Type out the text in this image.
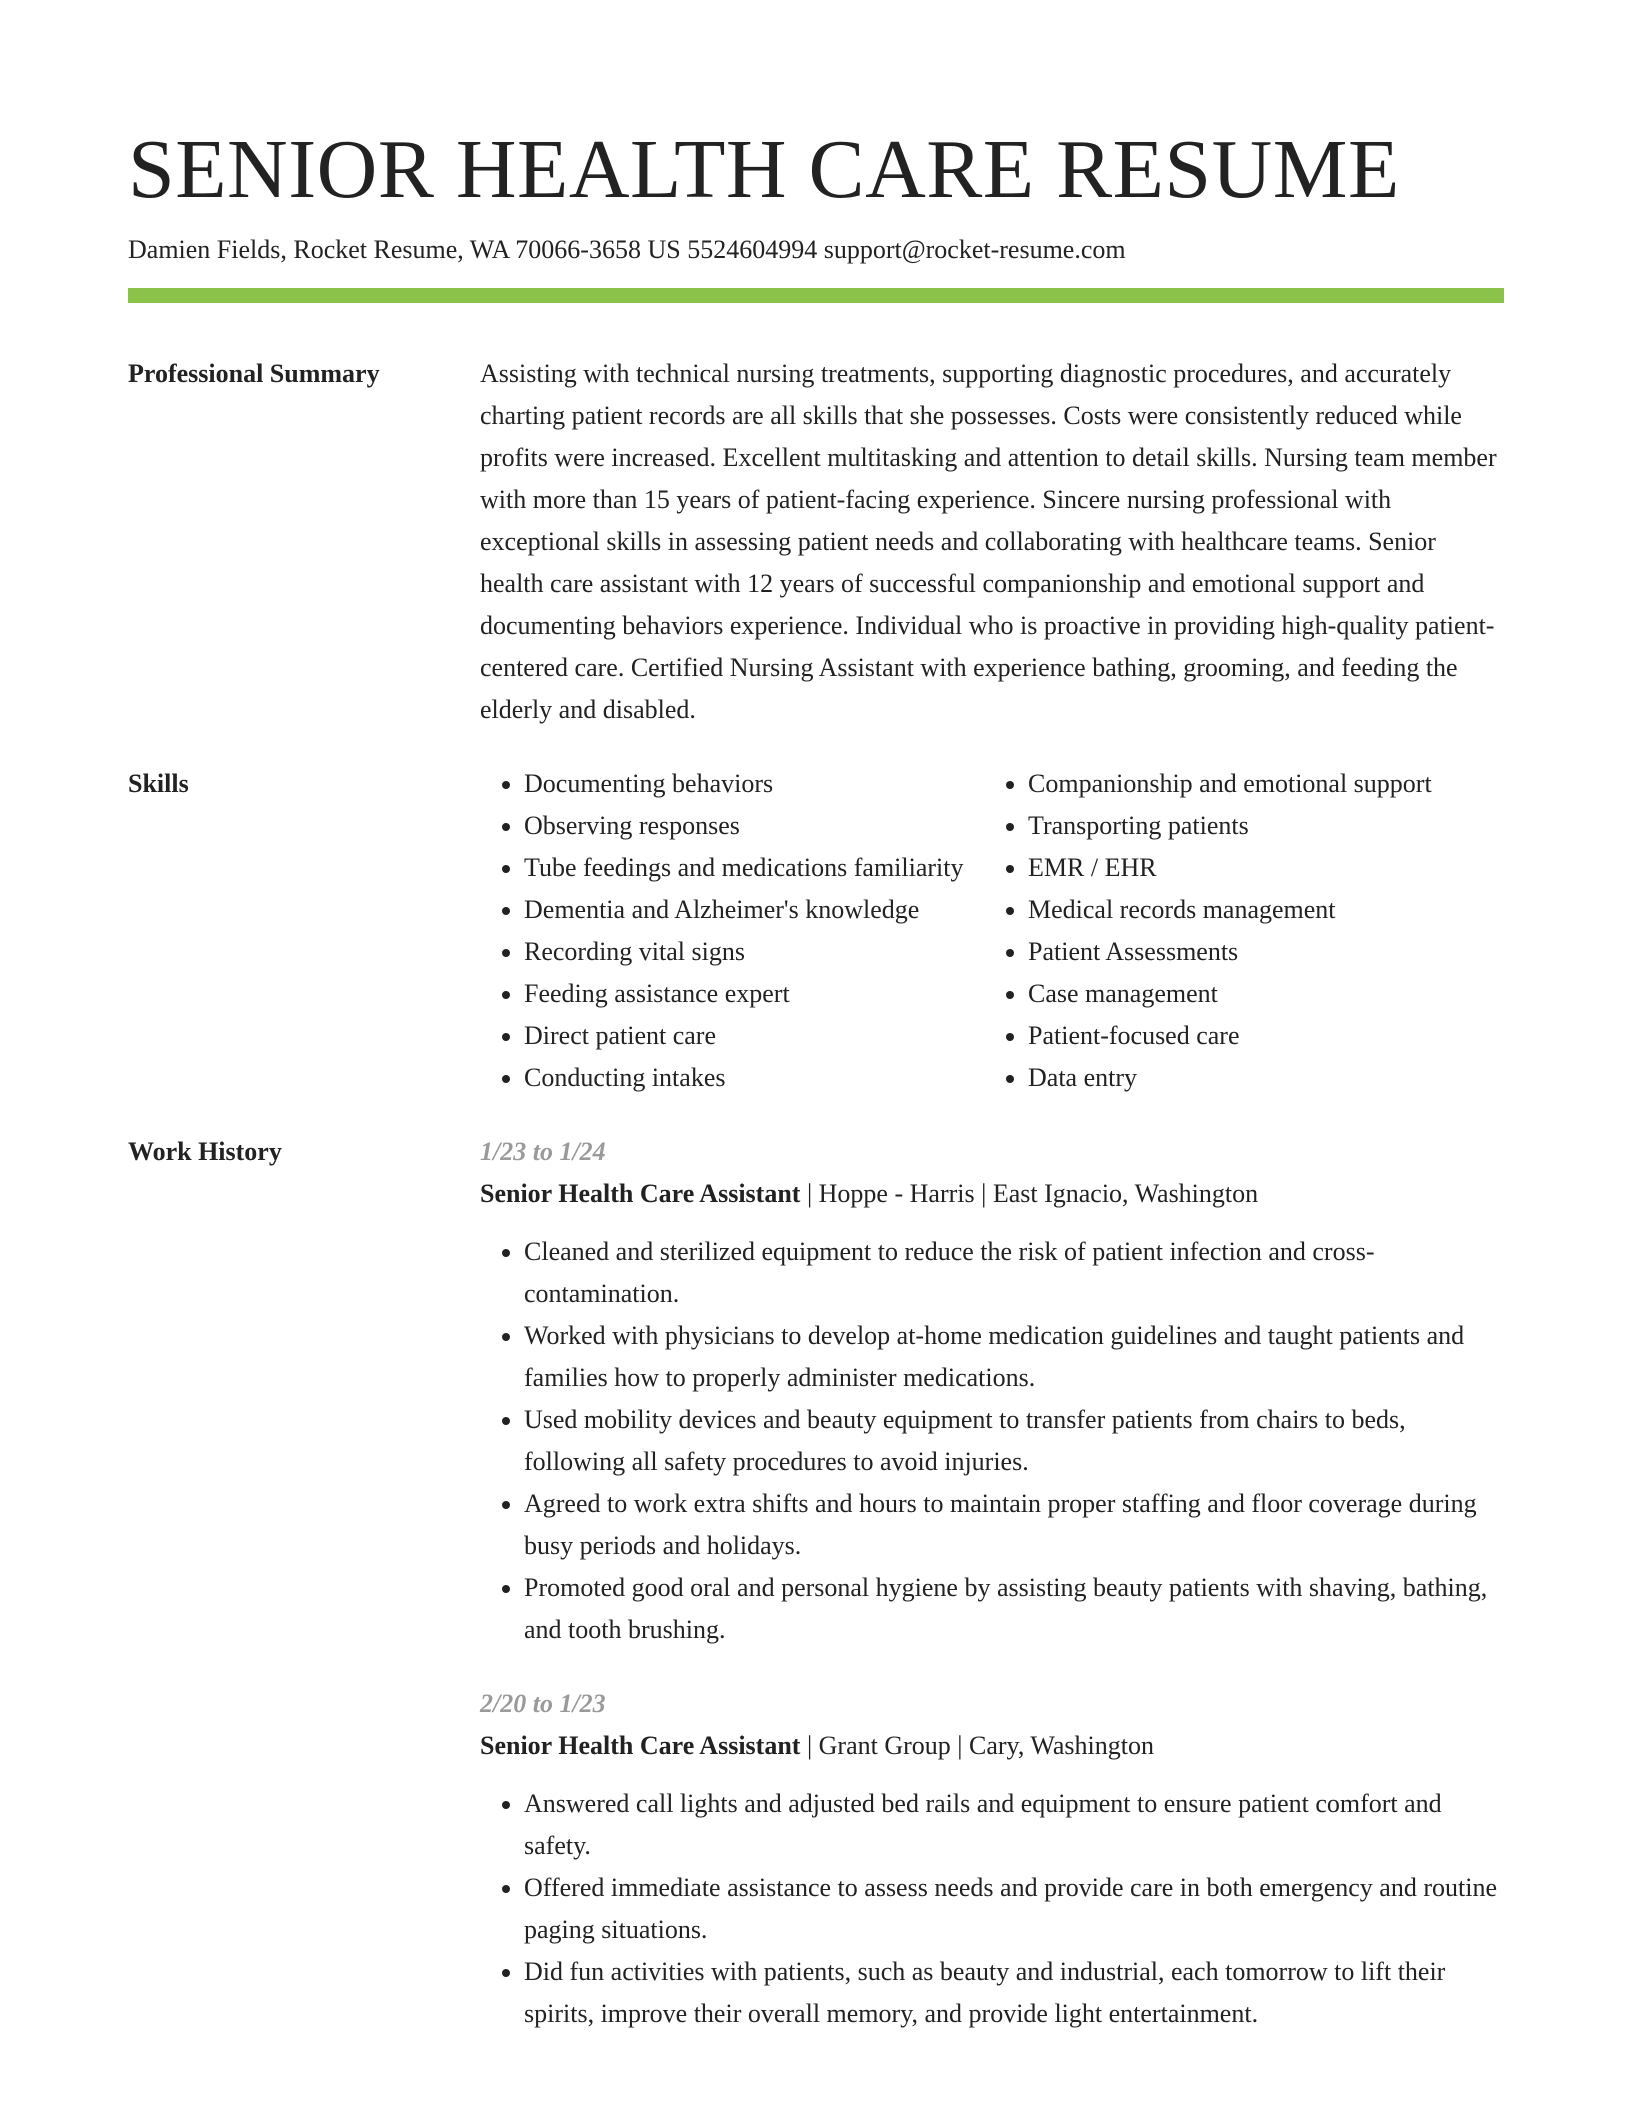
SENIOR HEALTH CARE RESUME
Damien Fields, Rocket Resume, WA 70066-3658 US 5524604994 support@rocket-resume.com
Professional Summary	Assisting with technical nursing treatments, supporting diagnostic procedures, and accurately charting patient records are all skills that she possesses. Costs were consistently reduced while profits were increased. Excellent multitasking and attention to detail skills. Nursing team member with more than 15 years of patient-facing experience. Sincere nursing professional with exceptional skills in assessing patient needs and collaborating with healthcare teams. Senior health care assistant with 12 years of successful companionship and emotional support and documenting behaviors experience. Individual who is proactive in providing high-quality patient-centered care. Certified Nursing Assistant with experience bathing, grooming, and feeding the elderly and disabled.

Skills
•	Documenting behaviors
• Observing responses
• Tube feedings and medications familiarity
• Dementia and Alzheimer's knowledge
• Recording vital signs
• Feeding assistance expert
• Direct patient care
• Conducting intakes
• Companionship and emotional support
• Transporting patients
• EMR / EHR
• Medical records management
• Patient Assessments
• Case management
• Patient-focused care
• Data entry
Work History	1/23 to 1/24
Senior Health Care Assistant | Hoppe - Harris | East Ignacio, Washington
• Cleaned and sterilized equipment to reduce the risk of patient infection and cross-contamination.
• Worked with physicians to develop at-home medication guidelines and taught patients and families how to properly administer medications.
• Used mobility devices and beauty equipment to transfer patients from chairs to beds, following all safety procedures to avoid injuries.
• Agreed to work extra shifts and hours to maintain proper staffing and floor coverage during busy periods and holidays.
• Promoted good oral and personal hygiene by assisting beauty patients with shaving, bathing, and tooth brushing.
2/20 to 1/23
Senior Health Care Assistant | Grant Group | Cary, Washington
• Answered call lights and adjusted bed rails and equipment to ensure patient comfort and safety.
• Offered immediate assistance to assess needs and provide care in both emergency and routine paging situations.
• Did fun activities with patients, such as beauty and industrial, each tomorrow to lift their spirits, improve their overall memory, and provide light entertainment.
